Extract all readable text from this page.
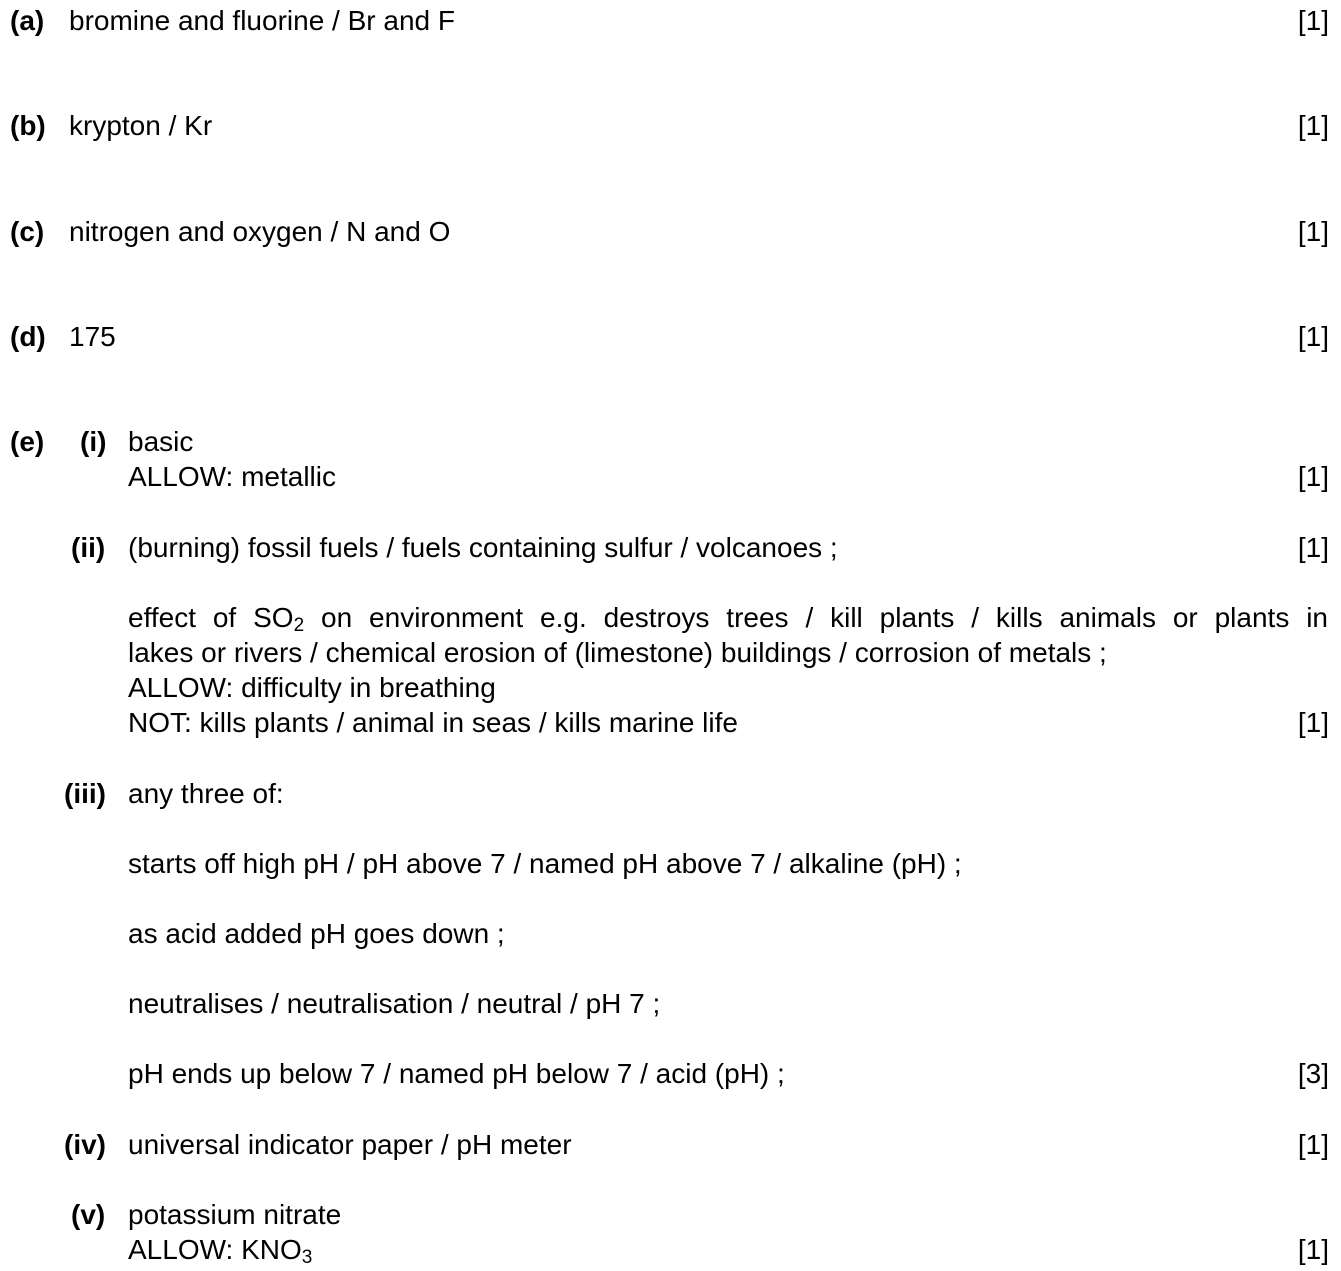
(a) bromine and fluorine / Br and F	[1]
(b) krypton / Kr	[1]
(c) nitrogen and oxygen / N and O	[1]
(d) 175	[1]
(e) (i) basic
ALLOW: metallic	[1]
(ii) (burning) fossil fuels / fuels containing sulfur / volcanoes ;	[1]
effect of $SO_2$ on environment e.g. destroys trees / kill plants / kills animals or plants in
lakes or rivers / chemical erosion of (limestone) buildings / corrosion of metals ;
ALLOW: difficulty in breathing
NOT: kills plants / animal in seas / kills marine life	[1]
(iii) any three of:
starts off high pH / pH above 7 / named pH above 7 / alkaline (pH) ;
as acid added pH goes down ;
neutralises / neutralisation / neutral / pH 7 ;
pH ends up below 7 / named pH below 7 / acid (pH) ;	[3]
(iv) universal indicator paper / pH meter	[1]
(v) potassium nitrate
ALLOW: $KNO_3$	[1]
